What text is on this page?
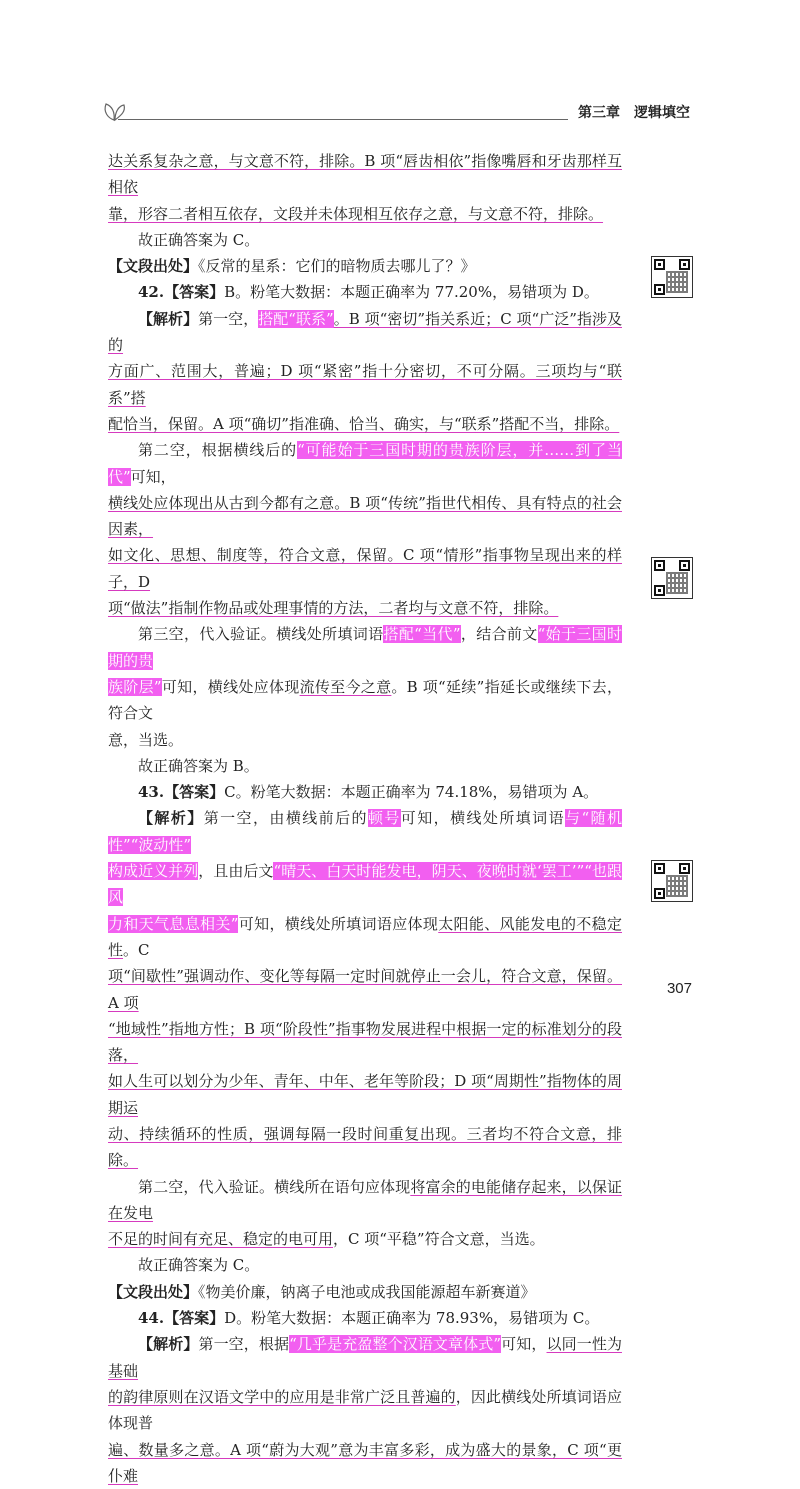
第三章 逻辑填空
达关系复杂之意，与文意不符，排除。B 项“唇齿相依”指像嘴唇和牙齿那样互相依
靠，形容二者相互依存，文段并未体现相互依存之意，与文意不符，排除。
故正确答案为 C。
【文段出处】《反常的星系：它们的暗物质去哪儿了？》
42.【答案】B。粉笔大数据：本题正确率为 77.20%，易错项为 D。
【解析】第一空，搭配“联系”。B 项“密切”指关系近；C 项“广泛”指涉及的
方面广、范围大，普遍；D 项“紧密”指十分密切，不可分隔。三项均与“联系”搭
配恰当，保留。A 项“确切”指准确、恰当、确实，与“联系”搭配不当，排除。
第二空，根据横线后的“可能始于三国时期的贵族阶层，并……到了当代”可知，
横线处应体现出从古到今都有之意。B 项“传统”指世代相传、具有特点的社会因素，
如文化、思想、制度等，符合文意，保留。C 项“情形”指事物呈现出来的样子，D
项“做法”指制作物品或处理事情的方法，二者均与文意不符，排除。
第三空，代入验证。横线处所填词语搭配“当代”，结合前文“始于三国时期的贵
族阶层”可知，横线处应体现流传至今之意。B 项“延续”指延长或继续下去，符合文
意，当选。
故正确答案为 B。
43.【答案】C。粉笔大数据：本题正确率为 74.18%，易错项为 A。
【解析】第一空，由横线前后的顿号可知，横线处所填词语与“随机性”“波动性”
构成近义并列，且由后文“晴天、白天时能发电，阴天、夜晚时就‘罢工’”“也跟风
力和天气息息相关”可知，横线处所填词语应体现太阳能、风能发电的不稳定性。C
项“间歇性”强调动作、变化等每隔一定时间就停止一会儿，符合文意，保留。A 项
“地域性”指地方性；B 项“阶段性”指事物发展进程中根据一定的标准划分的段落，
如人生可以划分为少年、青年、中年、老年等阶段；D 项“周期性”指物体的周期运
动、持续循环的性质，强调每隔一段时间重复出现。三者均不符合文意，排除。
第二空，代入验证。横线所在语句应体现将富余的电能储存起来，以保证在发电
不足的时间有充足、稳定的电可用，C 项“平稳”符合文意，当选。
故正确答案为 C。
【文段出处】《物美价廉，钠离子电池或成我国能源超车新赛道》
44.【答案】D。粉笔大数据：本题正确率为 78.93%，易错项为 C。
【解析】第一空，根据“几乎是充盈整个汉语文章体式”可知，以同一性为基础
的韵律原则在汉语文学中的应用是非常广泛且普遍的，因此横线处所填词语应体现普
遍、数量多之意。A 项“蔚为大观”意为丰富多彩，成为盛大的景象，C 项“更仆难
307
